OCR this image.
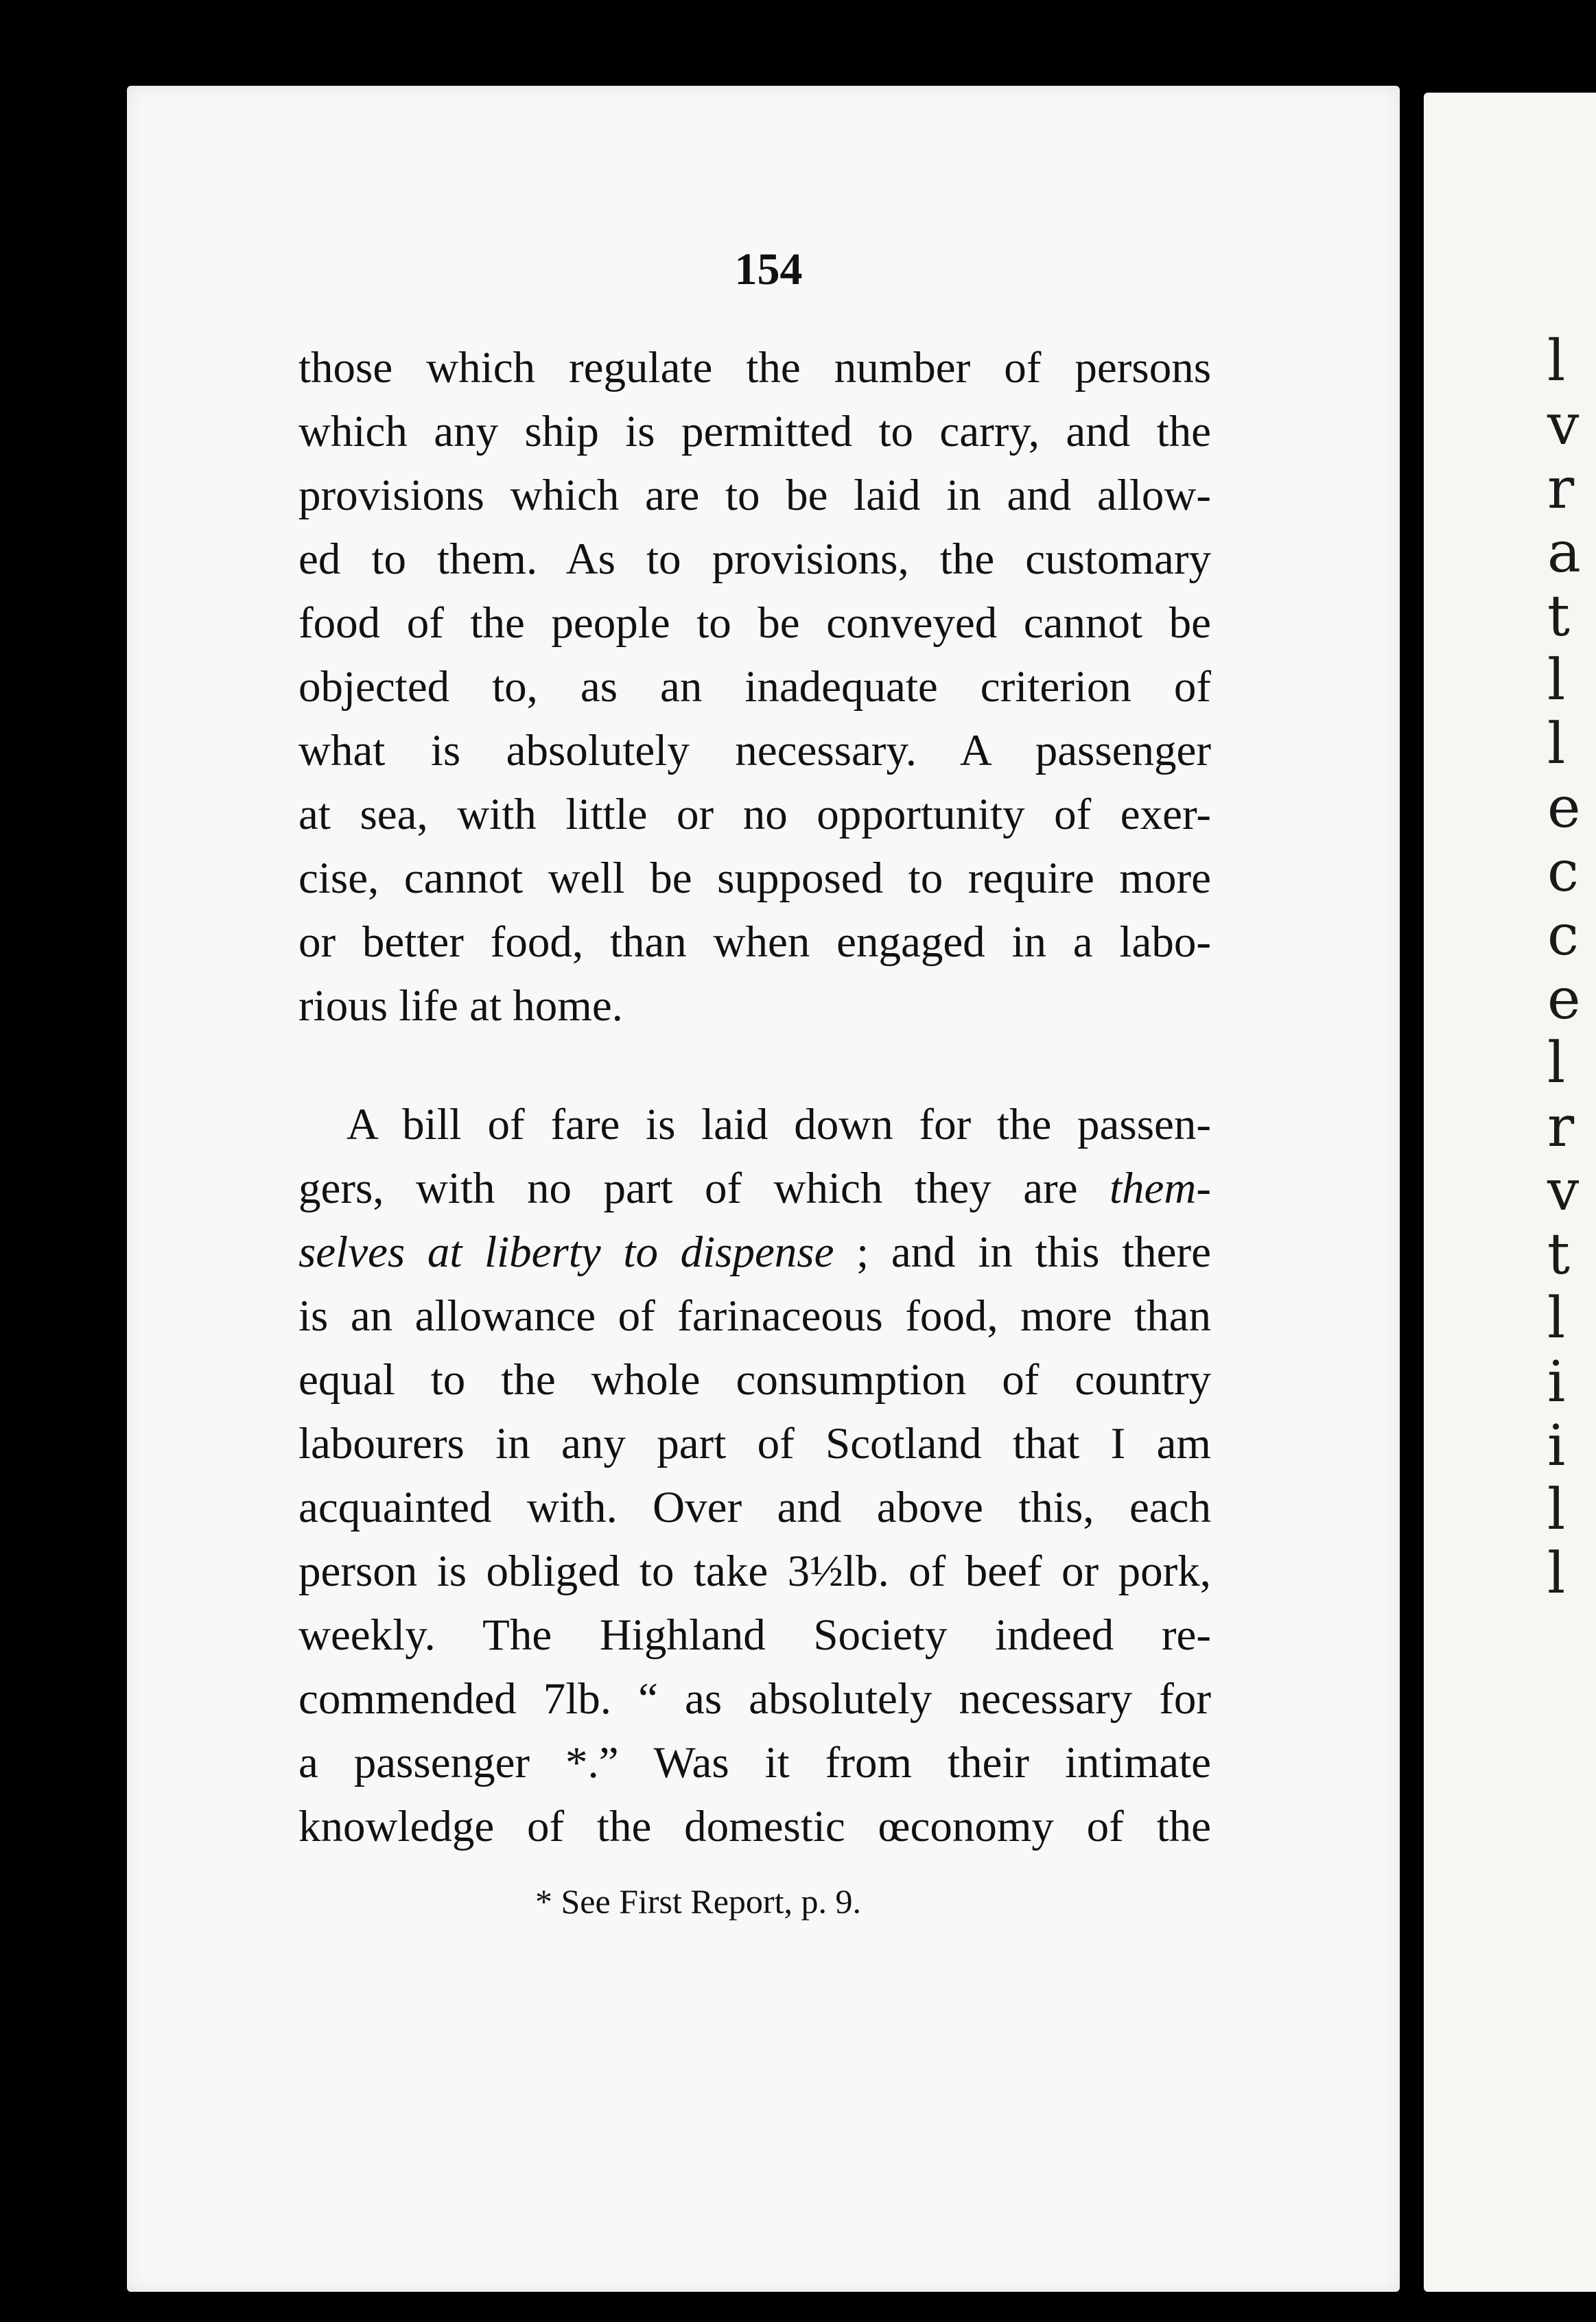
l
v
r
a
t
l
l
e
c
c
e
l
r
v
t
l
i
i
l
l
154
those which regulate the number of persons
which any ship is permitted to carry, and the
provisions which are to be laid in and allow-
ed to them. As to provisions, the customary
food of the people to be conveyed cannot be
objected to, as an inadequate criterion of
what is absolutely necessary. A passenger
at sea, with little or no opportunity of exer-
cise, cannot well be supposed to require more
or better food, than when engaged in a labo-
rious life at home.
A bill of fare is laid down for the passen-
gers, with no part of which they are them-
selves at liberty to dispense ; and in this there
is an allowance of farinaceous food, more than
equal to the whole consumption of country
labourers in any part of Scotland that I am
acquainted with. Over and above this, each
person is obliged to take 3½lb. of beef or pork,
weekly. The Highland Society indeed re-
commended 7lb. “ as absolutely necessary for
a passenger *.” Was it from their intimate
knowledge of the domestic œconomy of the
* See First Report, p. 9.
